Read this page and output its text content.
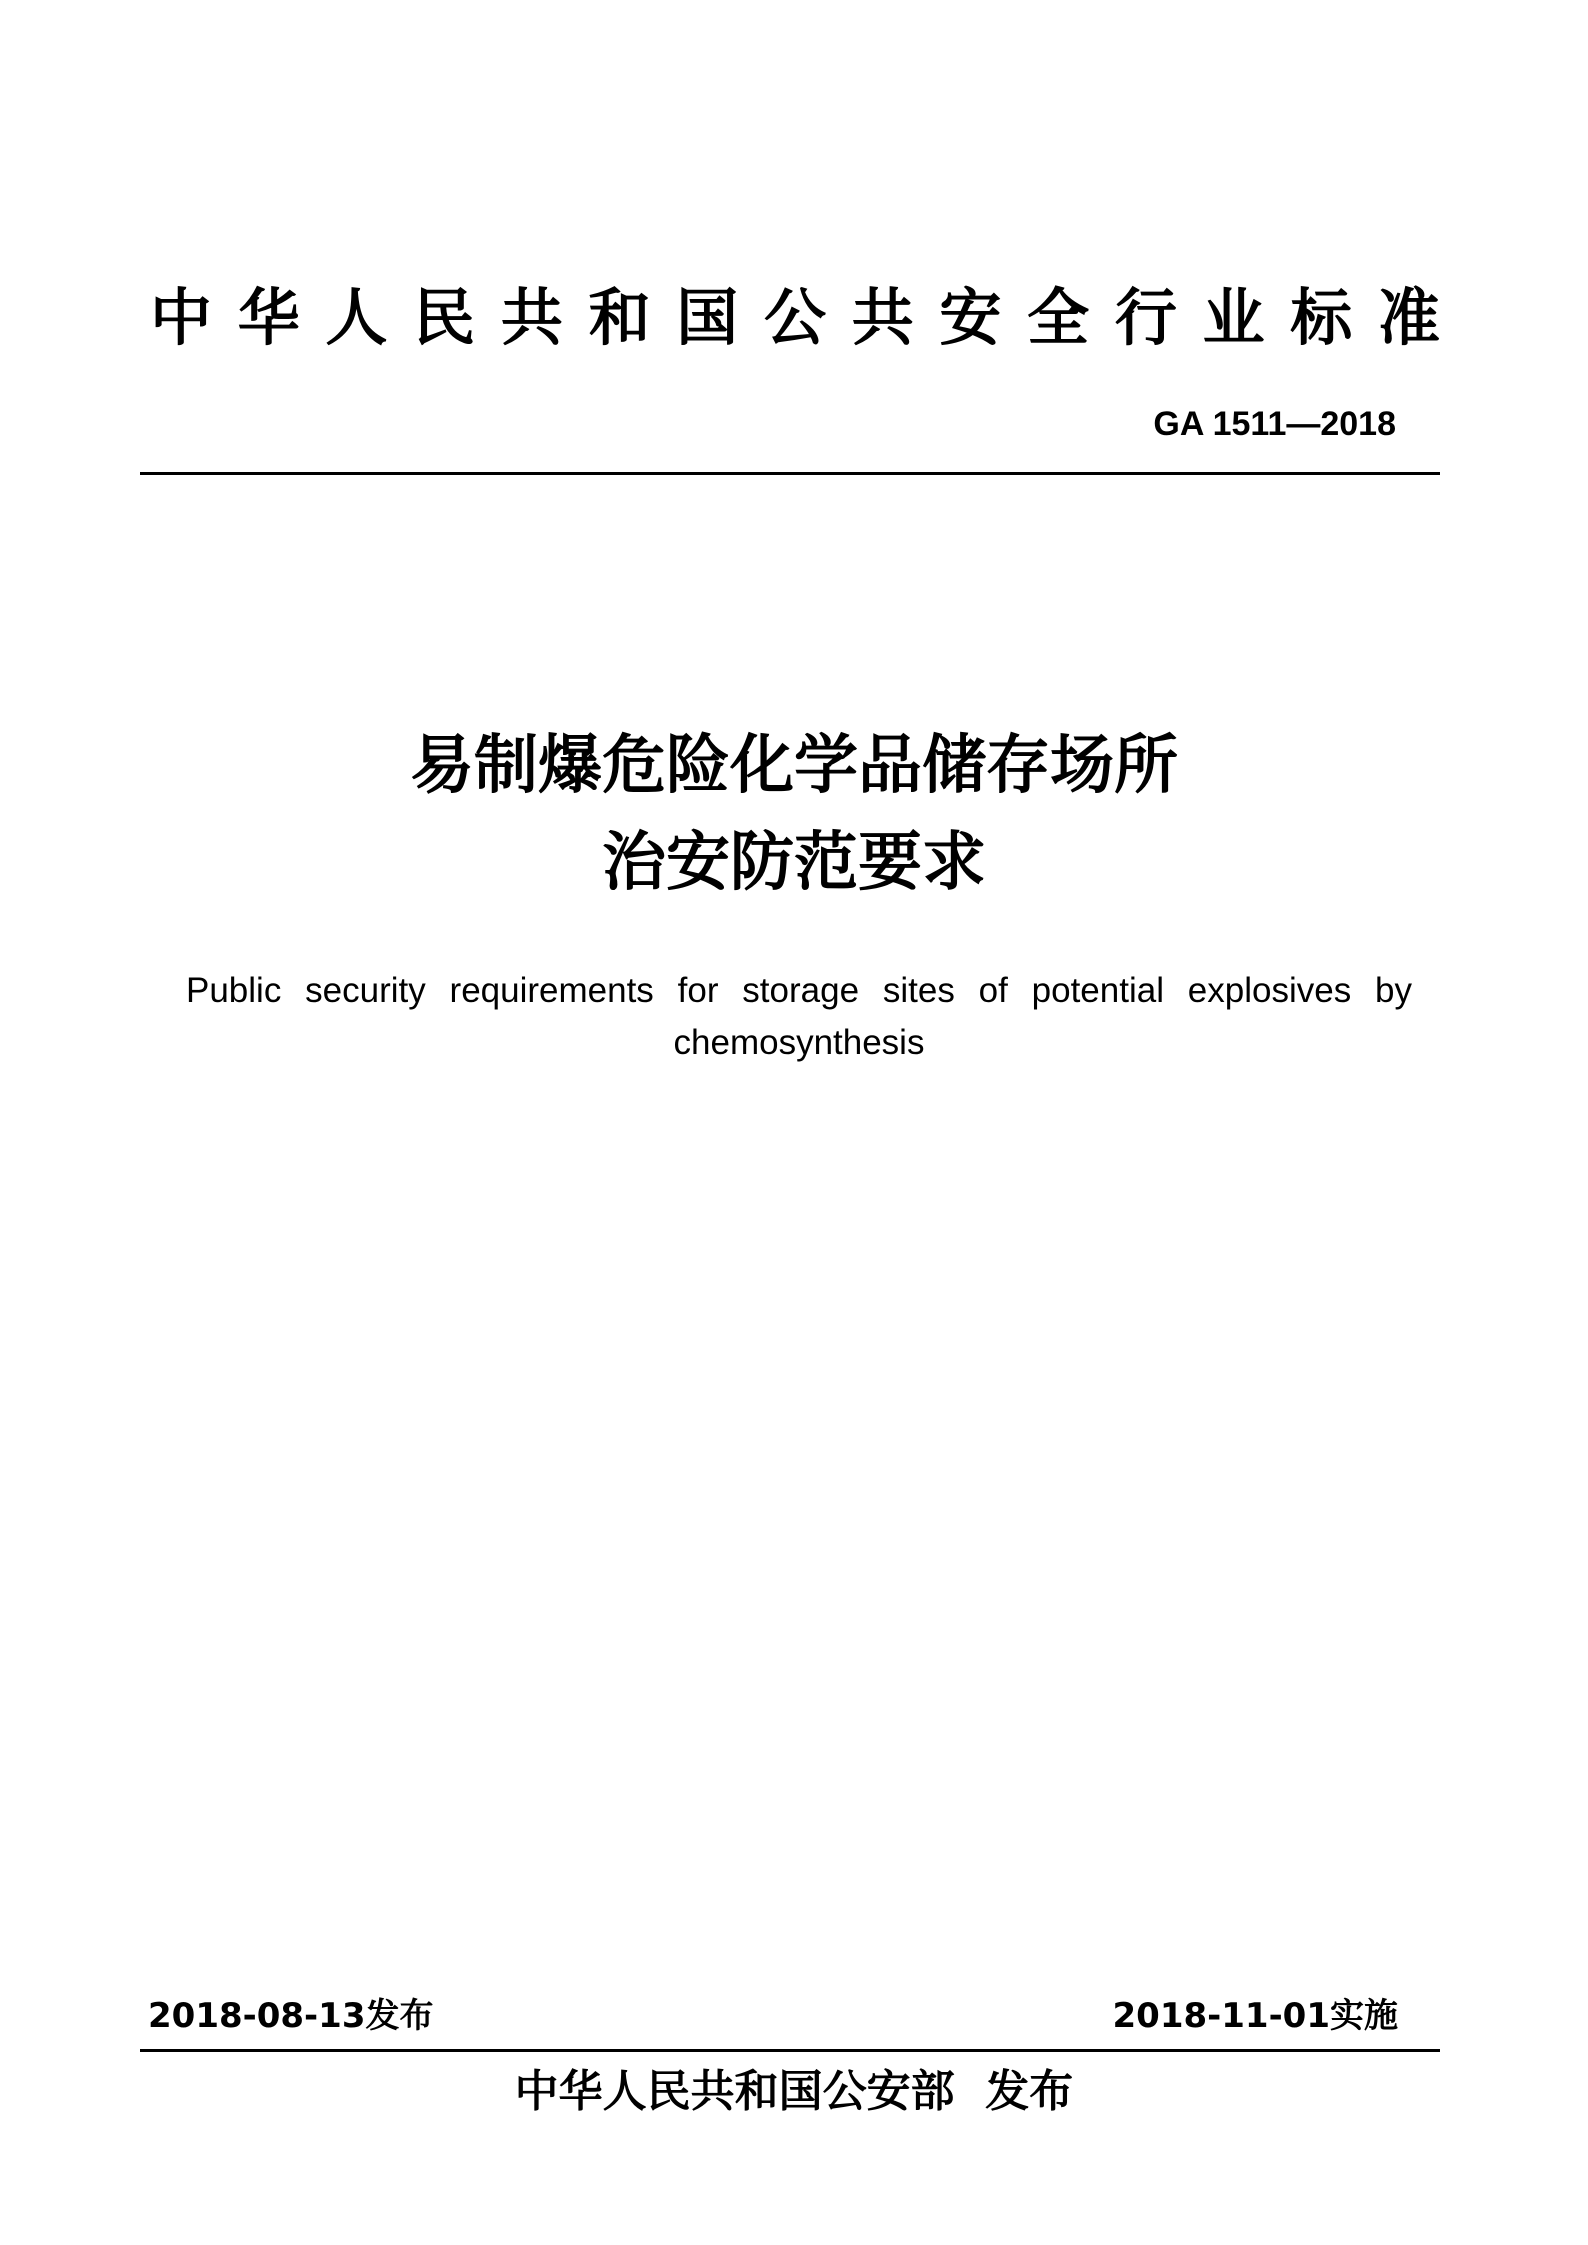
中华人民共和国公共安全行业标准
GA 1511—2018
易制爆危险化学品储存场所
治安防范要求
Public security requirements for storage sites of potential explosives by chemosynthesis
2018-08-13发布	2018-11-01实施
中华人民共和国公安部  发布
